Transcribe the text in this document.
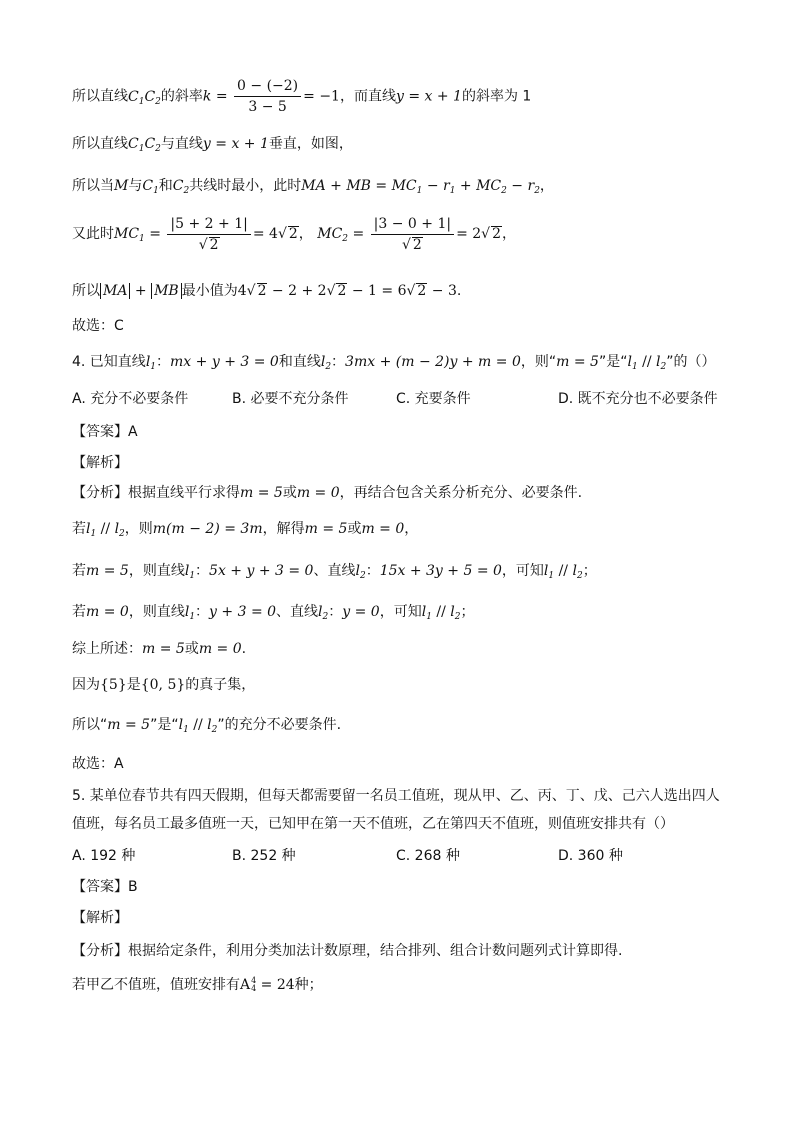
所以直线$C_1C_2$的斜率$k = \frac{0 - (-2)}{3 - 5} = -1$，而直线y = x + 1的斜率为 1
所以直线$C_1C_2$与直线y = x + 1垂直，如图，
所以当M与$C_1$和$C_2$共线时最小，此时MA + MB = $MC_1 - r_1 + MC_2 - r_2$，
又此时$MC_1 = \frac{|5 + 2 + 1|}{√ 2} = 4√$ 2， $MC_2 = \frac{|3 - 0 + 1|}{√ 2} = 2√$ 2，
所以 MA + MB 最小值为4√ 2 − 2 + 2√ 2 − 1 = 6√ 2 − 3.
故选：C
4. 已知直线$l_1$：mx + y + 3 = 0和直线$l_2$：3mx + (m − 2)y + m = 0，则“m = 5”是“$l_1 // l_2$”的（）
A. 充分不必要条件	B. 必要不充分条件	C. 充要条件	D. 既不充分也不必要条件
【答案】A
【解析】
【分析】根据直线平行求得m = 5或m = 0，再结合包含关系分析充分、必要条件.
若$l_1 // l_2$，则m(m − 2) = 3m，解得m = 5或m = 0，
若m = 5，则直线$l_1$：5x + y + 3 = 0、直线$l_2$：15x + 3y + 5 = 0，可知$l_1 // l_2$；
若m = 0，则直线$l_1$：y + 3 = 0、直线$l_2$：y = 0，可知$l_1 // l_2$；
综上所述：m = 5或m = 0.
因为{5}是{0, 5}的真子集，
所以“m = 5”是“$l_1 // l_2$”的充分不必要条件.
故选：A
5. 某单位春节共有四天假期，但每天都需要留一名员工值班，现从甲、乙、丙、丁、戊、己六人选出四人
值班，每名员工最多值班一天，已知甲在第一天不值班，乙在第四天不值班，则值班安排共有（）
A. 192 种	B. 252 种	C. 268 种	D. 360 种
【答案】B
【解析】
【分析】根据给定条件，利用分类加法计数原理，结合排列、组合计数问题列式计算即得.
若甲乙不值班，值班安排有A 4
4 = 24种；
